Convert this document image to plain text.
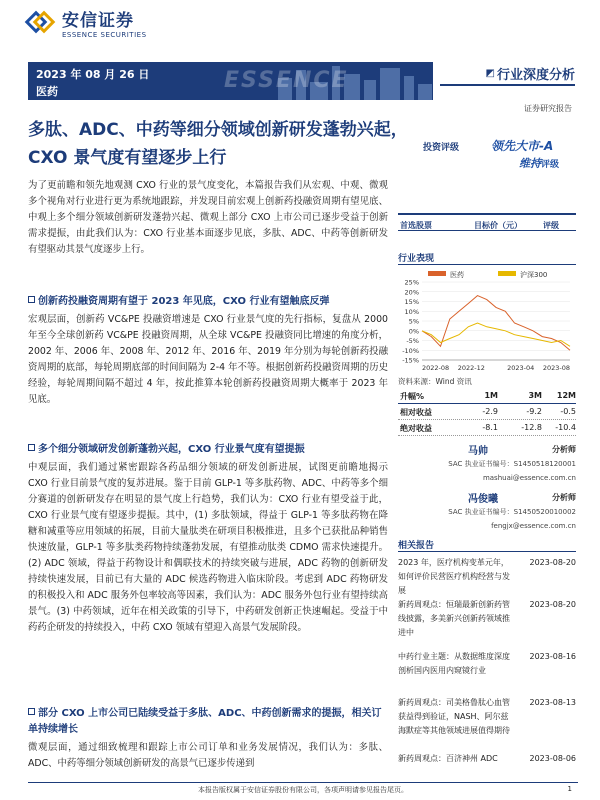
安信证券
ESSENCE SECURITIES
ESSENCE
2023 年 08 月 26 日
医药
◩ 行业深度分析
证券研究报告
多肽、ADC、中药等细分领域创新研发蓬勃兴起，CXO 景气度有望逐步上行	投资评级	领先大市-A
维持评级
为了更前瞻和领先地观测 CXO 行业的景气度变化，本篇报告我们从宏观、中观、微观多个视角对行业进行更为系统地跟踪，并发现目前宏观上创新药投融资周期有望见底、中观上多个细分领域创新研发蓬勃兴起、微观上部分 CXO 上市公司已逐步受益于创新需求提振，由此我们认为：CXO 行业基本面逐步见底，多肽、ADC、中药等创新研发有望驱动其景气度逐步上行。
创新药投融资周期有望于 2023 年见底，CXO 行业有望触底反弹
宏观层面，创新药 VC&PE 投融资增速是 CXO 行业景气度的先行指标，复盘从 2000 年至今全球创新药 VC&PE 投融资周期，从全球 VC&PE 投融资同比增速的角度分析，2002 年、2006 年、2008 年、2012 年、2016 年、2019 年分别为每轮创新药投融资周期的底部，每轮周期底部的时间间隔为 2-4 年不等。根据创新药投融资周期的历史经验，每轮周期间隔不超过 4 年，按此推算本轮创新药投融资周期大概率于 2023 年见底。
多个细分领域研发创新蓬勃兴起，CXO 行业景气度有望提振
中观层面，我们通过紧密跟踪各药品细分领域的研发创新进展，试图更前瞻地揭示 CXO 行业目前景气度的复苏进展。鉴于目前 GLP-1 等多肽药物、ADC、中药等多个细分赛道的创新研发存在明显的景气度上行趋势，我们认为：CXO 行业有望受益于此，CXO 行业景气度有望逐步提振。其中，(1) 多肽领域，得益于 GLP-1 等多肽药物在降糖和减重等应用领域的拓展，目前大量肽类在研项目积极推进，且多个已获批品种销售快速放量，GLP-1 等多肽类药物持续蓬勃发展，有望推动肽类 CDMO 需求快速提升。(2) ADC 领域，得益于药物设计和偶联技术的持续突破与进展，ADC 药物的创新研发持续快速发展，目前已有大量的 ADC 候选药物进入临床阶段。考虑到 ADC 药物研发的积极投入和 ADC 服务外包率较高等因素，我们认为：ADC 服务外包行业有望持续高景气。(3) 中药领域，近年在相关政策的引导下，中药研发创新正快速崛起。受益于中药药企研发的持续投入，中药 CXO 领域有望迎入高景气发展阶段。
部分 CXO 上市公司已陆续受益于多肽、ADC、中药创新需求的提振，相关订单持续增长
微观层面，通过细致梳理和跟踪上市公司订单和业务发展情况，我们认为：多肽、ADC、中药等细分领域创新研发的高景气已逐步传递到
首选股票	目标价（元）	评级
行业表现
医药	沪深300
25%
20%
15%
10%
5%
0%
-5%
-10%
-15%
2022-08 2022-12	2023-04 2023-08
资料来源：Wind 资讯
升幅%	1M	3M	12M
相对收益	-2.9	-9.2	-0.5
绝对收益	-8.1	-12.8	-10.4
马帅	分析师
SAC 执业证书编号：S1450518120001
mashuai@essence.com.cn
冯俊曦	分析师
SAC 执业证书编号：S1450520010002
fengjx@essence.com.cn
相关报告
2023 年，医疗机构变革元年，如何评价民营医疗机构经营与发展
2023-08-20
新药周观点：恒瑞最新创新药管线披露，多美新兴创新药领域推进中
2023-08-20
中药行业主题：从数据维度深度剖析国内医用内窥镜行业
2023-08-16
新药周观点：司美格鲁肽心血管获益得到验证，NASH、阿尔兹海默症等其他领域进展值得期待
2023-08-13
新药周观点：百济神州 ADC	2023-08-06
本报告版权属于安信证券股份有限公司，各项声明请参见报告尾页。	1
